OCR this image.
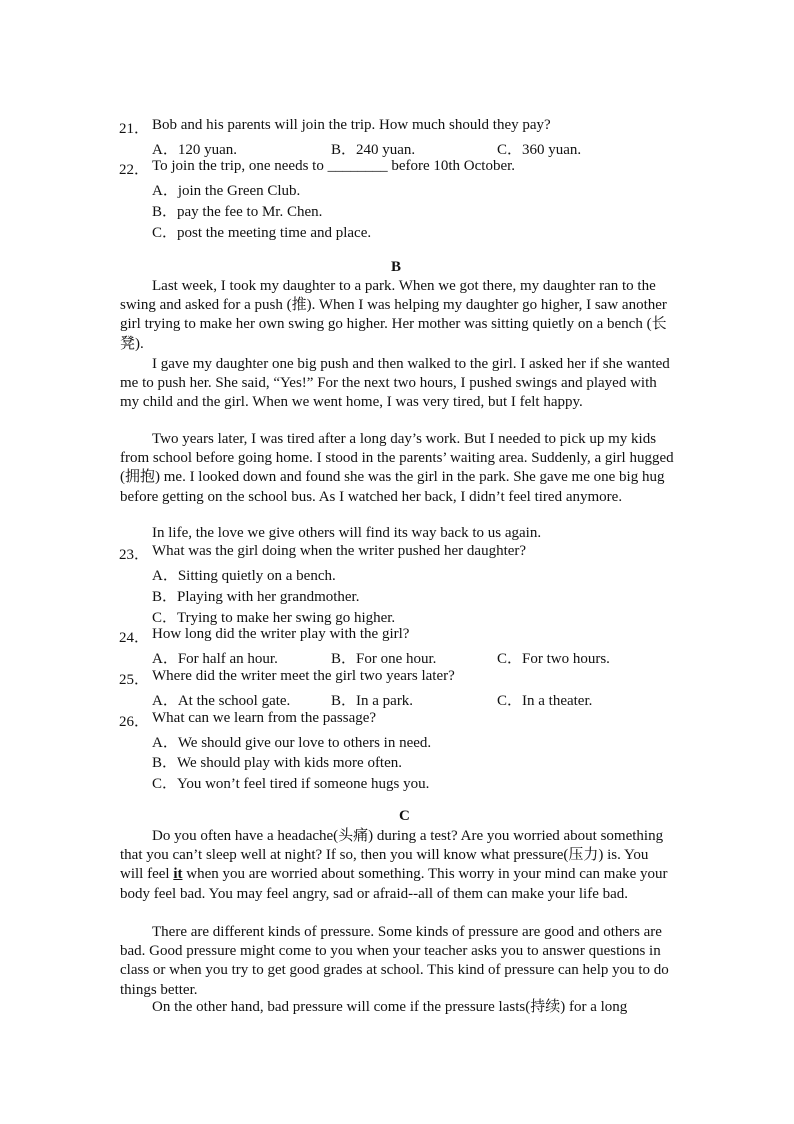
21． Bob and his parents will join the trip. How much should they pay?
A．120 yuan.	B．240 yuan.	C．360 yuan.
22． To join the trip, one needs to ________ before 10th October.
A．join the Green Club.
B．pay the fee to Mr. Chen.
C．post the meeting time and place.
B
Last week, I took my daughter to a park. When we got there, my daughter ran to the swing and asked for a push (推). When I was helping my daughter go higher, I saw another girl trying to make her own swing go higher. Her mother was sitting quietly on a bench (长凳).
I gave my daughter one big push and then walked to the girl. I asked her if she wanted me to push her. She said, “Yes!” For the next two hours, I pushed swings and played with my child and the girl. When we went home, I was very tired, but I felt happy.
Two years later, I was tired after a long day’s work. But I needed to pick up my kids from school before going home. I stood in the parents’ waiting area. Suddenly, a girl hugged (拥抱) me. I looked down and found she was the girl in the park. She gave me one big hug before getting on the school bus. As I watched her back, I didn’t feel tired anymore.
In life, the love we give others will find its way back to us again.
23． What was the girl doing when the writer pushed her daughter?
A．Sitting quietly on a bench.
B．Playing with her grandmother.
C．Trying to make her swing go higher.
24． How long did the writer play with the girl?
A．For half an hour.	B．For one hour.	C．For two hours.
25． Where did the writer meet the girl two years later?
A．At the school gate.	B．In a park.	C．In a theater.
26． What can we learn from the passage?
A．We should give our love to others in need.
B．We should play with kids more often.
C．You won’t feel tired if someone hugs you.
C
Do you often have a headache(头痛) during a test? Are you worried about something that you can’t sleep well at night? If so, then you will know what pressure(压力) is. You will feel it when you are worried about something. This worry in your mind can make your body feel bad. You may feel angry, sad or afraid--all of them can make your life bad.
There are different kinds of pressure. Some kinds of pressure are good and others are bad. Good pressure might come to you when your teacher asks you to answer questions in class or when you try to get good grades at school. This kind of pressure can help you to do things better.
On the other hand, bad pressure will come if the pressure lasts(持续) for a long
